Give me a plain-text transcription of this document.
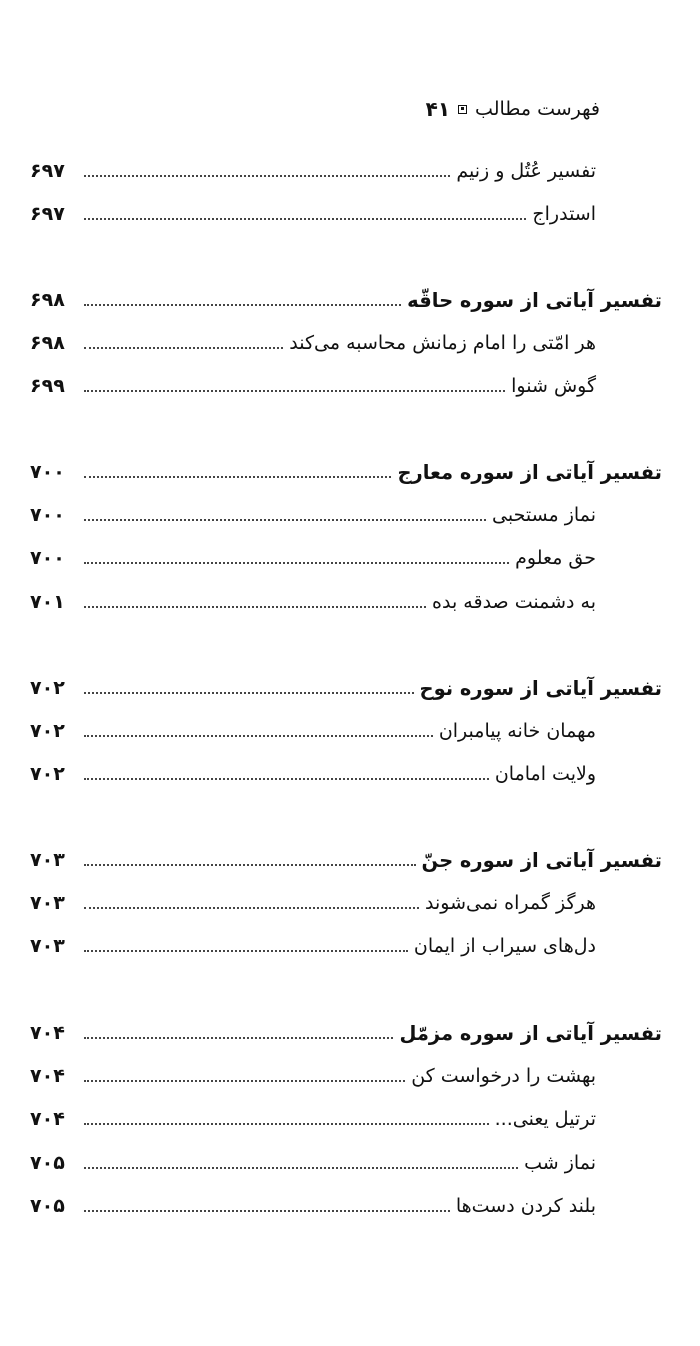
فهرست مطالب
۴۱
تفسیر عُتُل و زنیم
۶۹۷
استدراج
۶۹۷
تفسیر آیاتی از سوره حاقّه
۶۹۸
هر امّتی را امام زمانش محاسبه می‌کند
۶۹۸
گوش شنوا
۶۹۹
تفسیر آیاتی از سوره معارج
۷۰۰
نماز مستحبی
۷۰۰
حق معلوم
۷۰۰
به دشمنت صدقه بده
۷۰۱
تفسیر آیاتی از سوره نوح
۷۰۲
مهمان خانه پیامبران
۷۰۲
ولایت امامان
۷۰۲
تفسیر آیاتی از سوره جنّ
۷۰۳
هرگز گمراه نمی‌شوند
۷۰۳
دل‌های سیراب از ایمان
۷۰۳
تفسیر آیاتی از سوره مزمّل
۷۰۴
بهشت را درخواست کن
۷۰۴
ترتیل یعنی...
۷۰۴
نماز شب
۷۰۵
بلند کردن دست‌ها
۷۰۵
